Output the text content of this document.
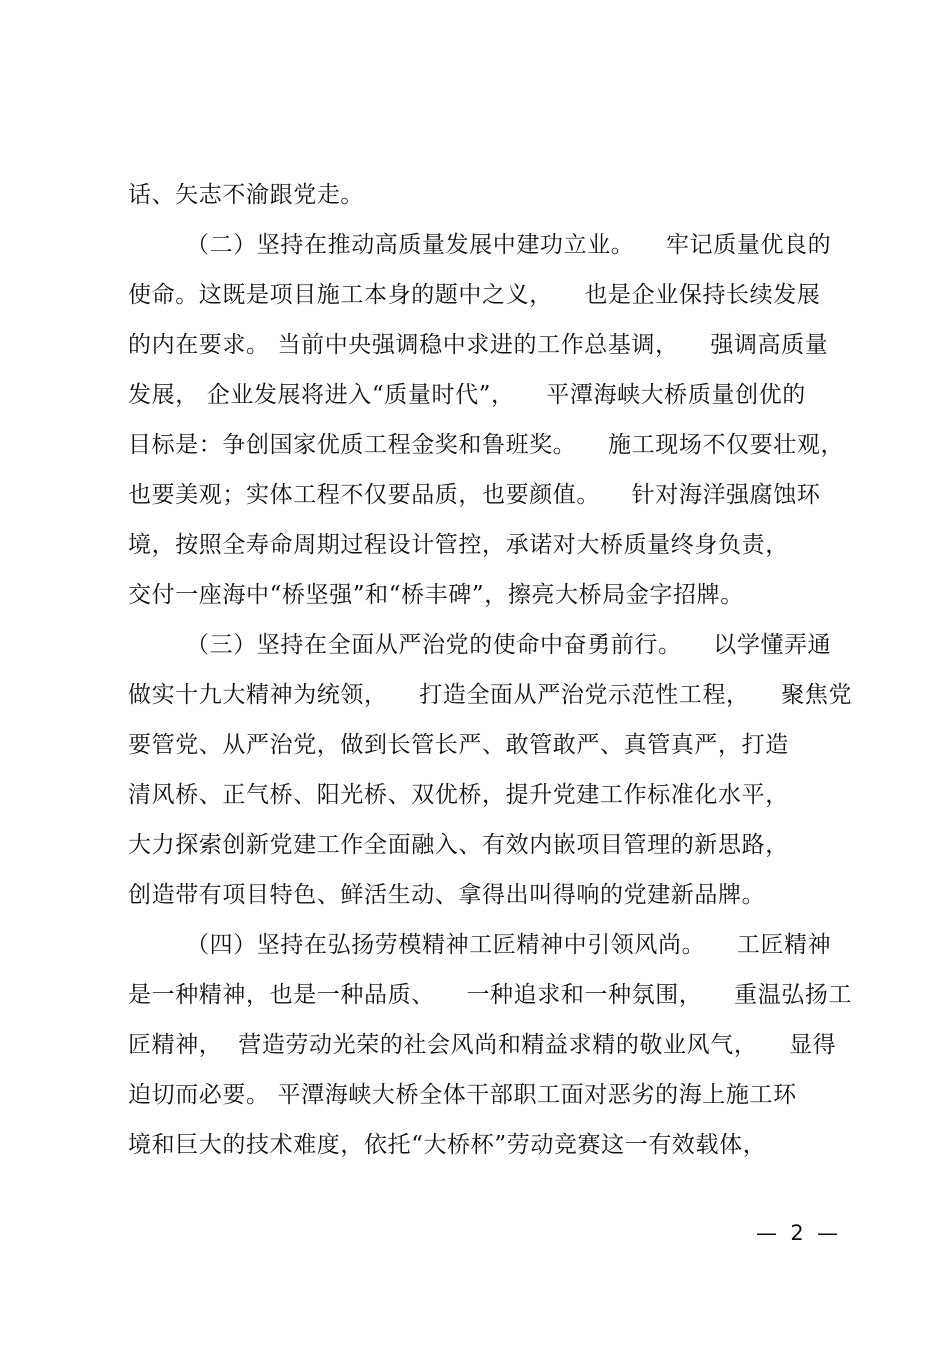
话、矢志不渝跟党走。
（二）坚持在推动高质量发展中建功立业。    牢记质量优良的
使命。这既是项目施工本身的题中之义，    也是企业保持长续发展
的内在要求。 当前中央强调稳中求进的工作总基调，    强调高质量
发展， 企业发展将进入“质量时代”，    平潭海峡大桥质量创优的
目标是：争创国家优质工程金奖和鲁班奖。    施工现场不仅要壮观，
也要美观；实体工程不仅要品质，也要颜值。    针对海洋强腐蚀环
境，按照全寿命周期过程设计管控，承诺对大桥质量终身负责，
交付一座海中“桥坚强”和“桥丰碑”，擦亮大桥局金字招牌。
（三）坚持在全面从严治党的使命中奋勇前行。    以学懂弄通
做实十九大精神为统领，    打造全面从严治党示范性工程，    聚焦党
要管党、从严治党，做到长管长严、敢管敢严、真管真严，打造
清风桥、正气桥、阳光桥、双优桥，提升党建工作标准化水平，
大力探索创新党建工作全面融入、有效内嵌项目管理的新思路，
创造带有项目特色、鲜活生动、拿得出叫得响的党建新品牌。
（四）坚持在弘扬劳模精神工匠精神中引领风尚。    工匠精神
是一种精神，也是一种品质、    一种追求和一种氛围，    重温弘扬工
匠精神，  营造劳动光荣的社会风尚和精益求精的敬业风气，    显得
迫切而必要。 平潭海峡大桥全体干部职工面对恶劣的海上施工环
境和巨大的技术难度，依托“大桥杯”劳动竞赛这一有效载体，
—  2  —
